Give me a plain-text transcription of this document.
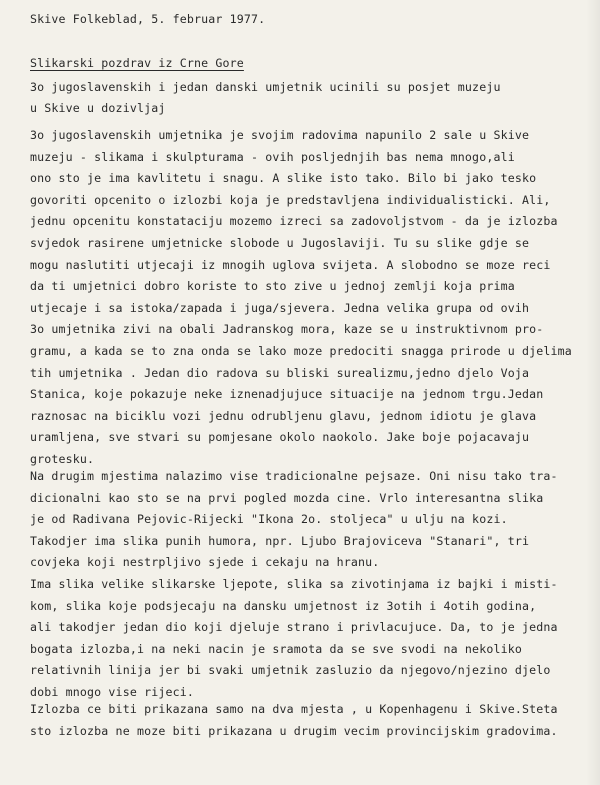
Skive Folkeblad, 5. februar 1977.
Slikarski pozdrav iz Crne Gore
3o jugoslavenskih i jedan danski umjetnik ucinili su posjet muzeju
u Skive u dozivljaj
3o jugoslavenskih umjetnika je svojim radovima napunilo 2 sale u Skive
muzeju - slikama i skulpturama - ovih posljednjih bas nema mnogo,ali
ono sto je ima kavlitetu i snagu. A slike isto tako. Bilo bi jako tesko
govoriti opcenito o izlozbi koja je predstavljena individualisticki. Ali,
jednu opcenitu konstataciju mozemo izreci sa zadovoljstvom - da je izlozba
svjedok rasirene umjetnicke slobode u Jugoslaviji. Tu su slike gdje se
mogu naslutiti utjecaji iz mnogih uglova svijeta. A slobodno se moze reci
da ti umjetnici dobro koriste to sto zive u jednoj zemlji koja prima
utjecaje i sa istoka/zapada i juga/sjevera. Jedna velika grupa od ovih
3o umjetnika zivi na obali Jadranskog mora, kaze se u instruktivnom pro-
gramu, a kada se to zna onda se lako moze predociti snagga prirode u djelima
tih umjetnika . Jedan dio radova su bliski surealizmu,jedno djelo Voja
Stanica, koje pokazuje neke iznenadjujuce situacije na jednom trgu.Jedan
raznosac na biciklu vozi jednu odrubljenu glavu, jednom idiotu je glava
uramljena, sve stvari su pomjesane okolo naokolo. Jake boje pojacavaju
grotesku.
Na drugim mjestima nalazimo vise tradicionalne pejsaze. Oni nisu tako tra-
dicionalni kao sto se na prvi pogled mozda cine. Vrlo interesantna slika
je od Radivana Pejovic-Rijecki "Ikona 2o. stoljeca" u ulju na kozi.
Takodjer ima slika punih humora, npr. Ljubo Brajoviceva "Stanari", tri
covjeka koji nestrpljivo sjede i cekaju na hranu.
Ima slika velike slikarske ljepote, slika sa zivotinjama iz bajki i misti-
kom, slika koje podsjecaju na dansku umjetnost iz 3otih i 4otih godina,
ali takodjer jedan dio koji djeluje strano i privlacujuce. Da, to je jedna
bogata izlozba,i na neki nacin je sramota da se sve svodi na nekoliko
relativnih linija jer bi svaki umjetnik zasluzio da njegovo/njezino djelo
dobi mnogo vise rijeci.
Izlozba ce biti prikazana samo na dva mjesta , u Kopenhagenu i Skive.Steta
sto izlozba ne moze biti prikazana u drugim vecim provincijskim gradovima.
